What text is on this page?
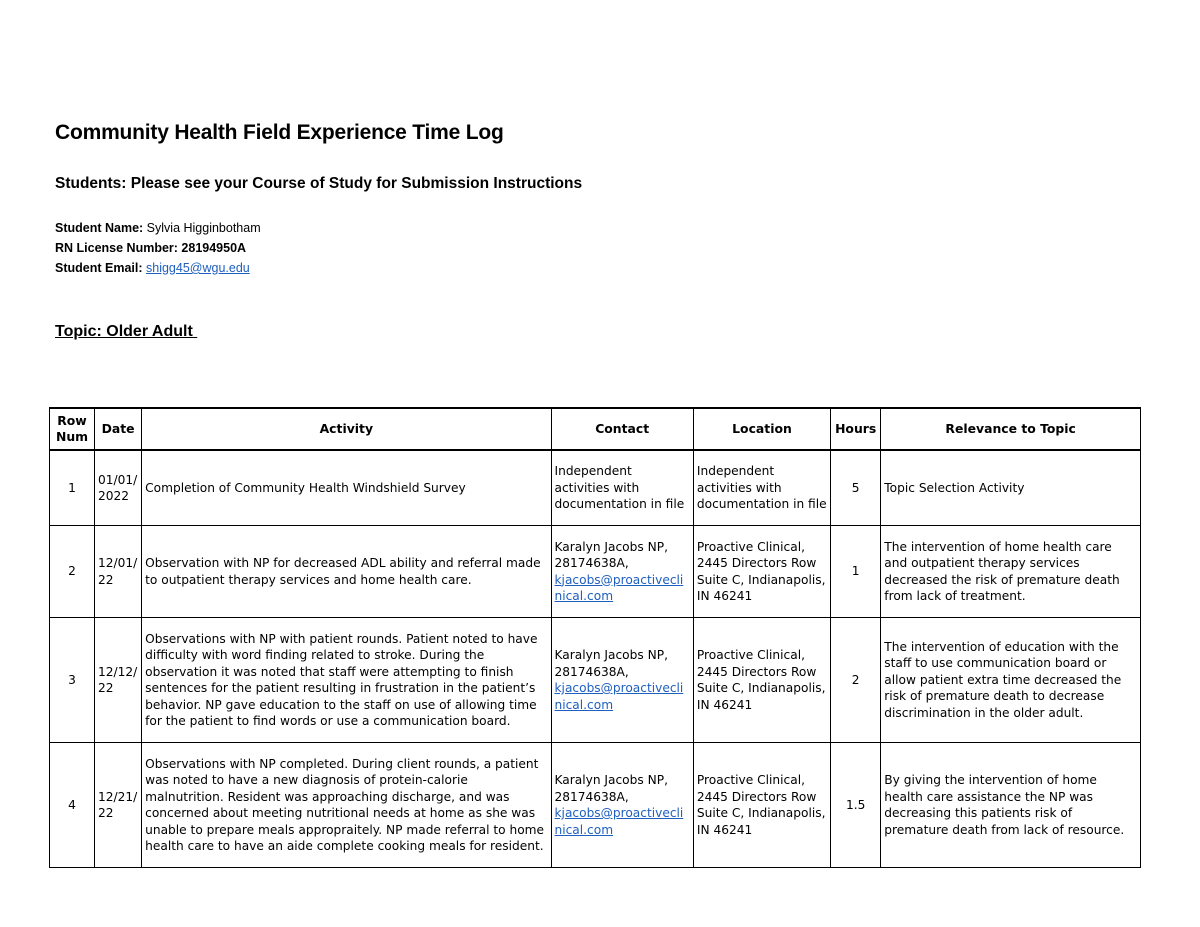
Community Health Field Experience Time Log
Students: Please see your Course of Study for Submission Instructions
Student Name: Sylvia Higginbotham
RN License Number: 28194950A
Student Email: shigg45@wgu.edu
Topic: Older Adult
Row Num	Date	Activity	Contact	Location	Hours	Relevance to Topic
1	01/01/2022	Completion of Community Health Windshield Survey	Independent activities with documentation in file	Independent activities with documentation in file	5	Topic Selection Activity
2	12/01/22	Observation with NP for decreased ADL ability and referral made to outpatient therapy services and home health care.	Karalyn Jacobs NP, 28174638A, kjacobs@proactiveclinical.com	Proactive Clinical, 2445 Directors Row Suite C, Indianapolis, IN 46241	1	The intervention of home health care and outpatient therapy services decreased the risk of premature death from lack of treatment.
3	12/12/22	Observations with NP with patient rounds. Patient noted to have difficulty with word finding related to stroke. During the observation it was noted that staff were attempting to finish sentences for the patient resulting in frustration in the patient’s behavior. NP gave education to the staff on use of allowing time for the patient to find words or use a communication board.	Karalyn Jacobs NP, 28174638A, kjacobs@proactiveclinical.com	Proactive Clinical, 2445 Directors Row Suite C, Indianapolis, IN 46241	2	The intervention of education with the staff to use communication board or allow patient extra time decreased the risk of premature death to decrease discrimination in the older adult.
4	12/21/22	Observations with NP completed. During client rounds, a patient was noted to have a new diagnosis of protein-calorie malnutrition. Resident was approaching discharge, and was concerned about meeting nutritional needs at home as she was unable to prepare meals appropraitely. NP made referral to home health care to have an aide complete cooking meals for resident.	Karalyn Jacobs NP, 28174638A, kjacobs@proactiveclinical.com	Proactive Clinical, 2445 Directors Row Suite C, Indianapolis, IN 46241	1.5	By giving the intervention of home health care assistance the NP was decreasing this patients risk of premature death from lack of resource.
